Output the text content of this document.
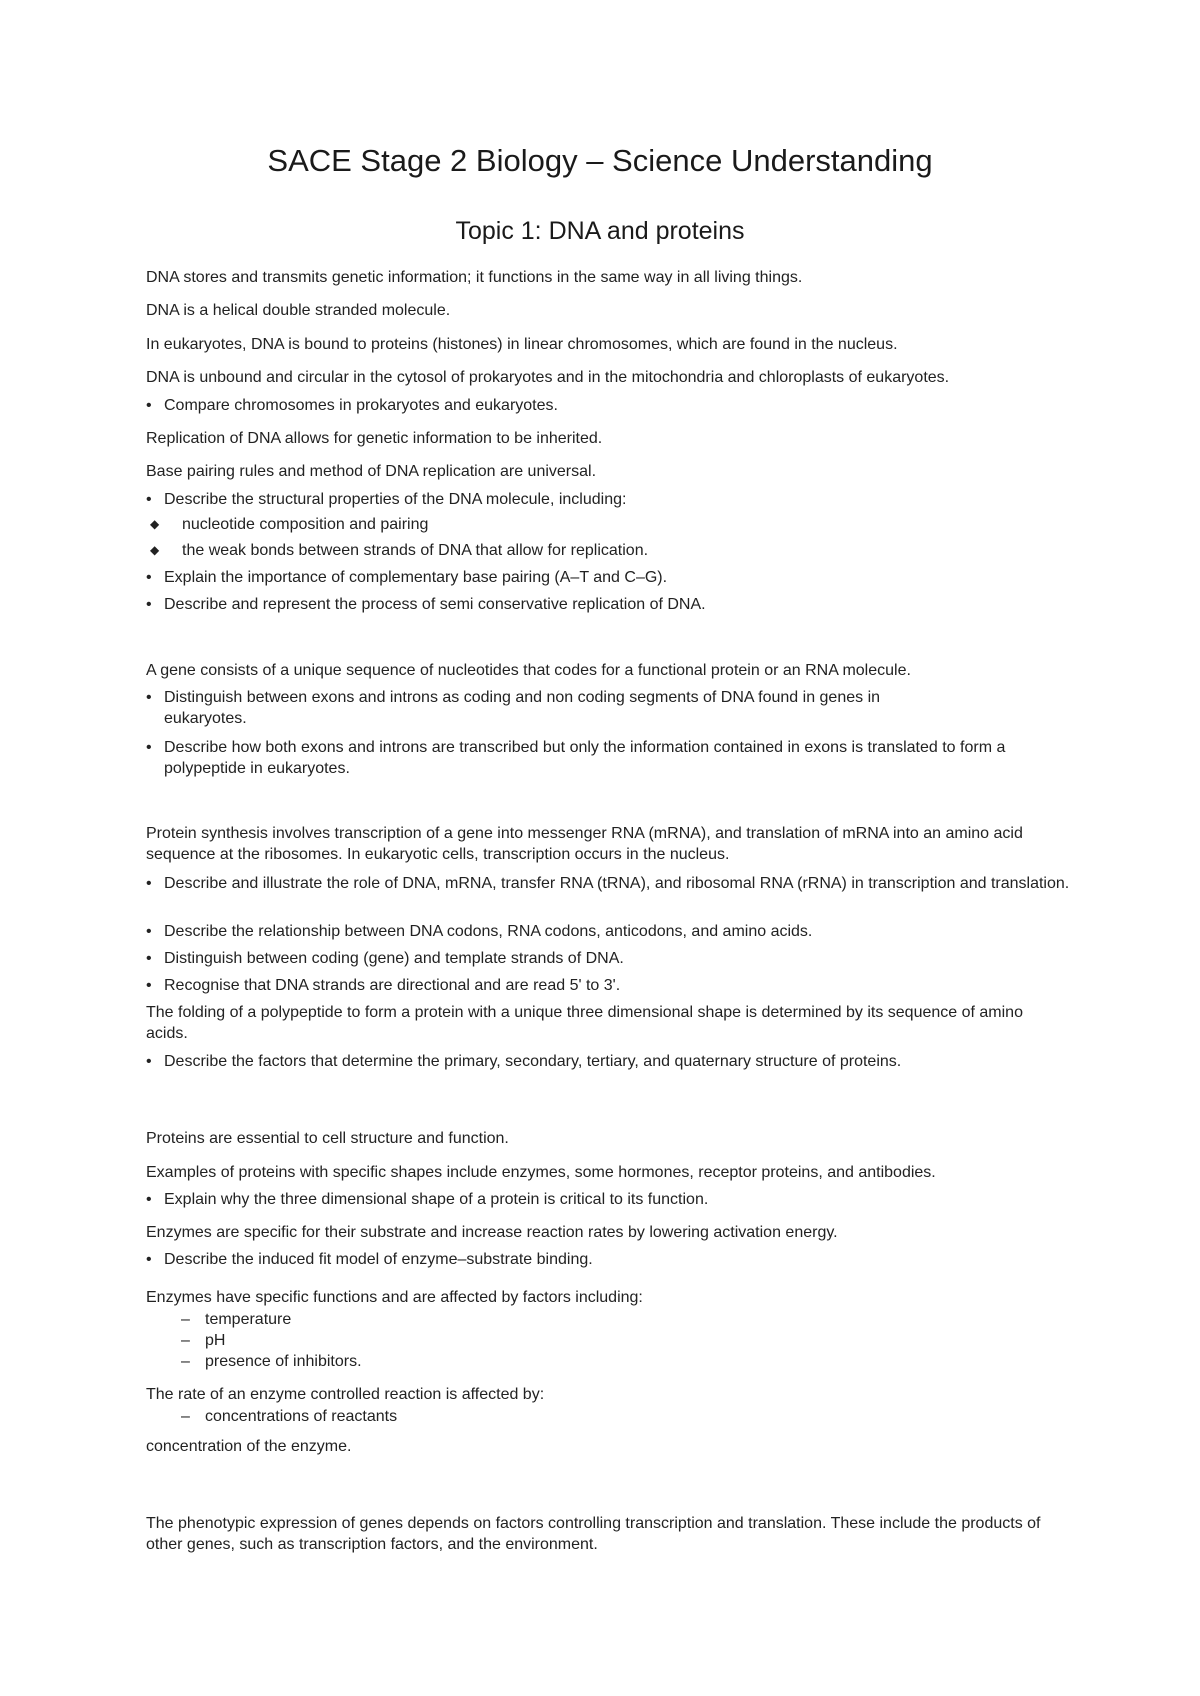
SACE Stage 2 Biology – Science Understanding
Topic 1: DNA and proteins
DNA stores and transmits genetic information; it functions in the same way in all living things.
DNA is a helical double stranded molecule.
In eukaryotes, DNA is bound to proteins (histones) in linear chromosomes, which are found in the nucleus.
DNA is unbound and circular in the cytosol of prokaryotes and in the mitochondria and chloroplasts of eukaryotes.
• Compare chromosomes in prokaryotes and eukaryotes.
Replication of DNA allows for genetic information to be inherited.
Base pairing rules and method of DNA replication are universal.
• Describe the structural properties of the DNA molecule, including:
◆	nucleotide composition and pairing
◆	the weak bonds between strands of DNA that allow for replication.
• Explain the importance of complementary base pairing (A–T and C–G).
• Describe and represent the process of semi conservative replication of DNA.
A gene consists of a unique sequence of nucleotides that codes for a functional protein or an RNA molecule.
• Distinguish between exons and introns as coding and non coding segments of DNA found in genes in eukaryotes.
• Describe how both exons and introns are transcribed but only the information contained in exons is translated to form a polypeptide in eukaryotes.
Protein synthesis involves transcription of a gene into messenger RNA (mRNA), and translation of mRNA into an amino acid sequence at the ribosomes. In eukaryotic cells, transcription occurs in the nucleus.
• Describe and illustrate the role of DNA, mRNA, transfer RNA (tRNA), and ribosomal RNA (rRNA) in transcription and translation.
• Describe the relationship between DNA codons, RNA codons, anticodons, and amino acids.
• Distinguish between coding (gene) and template strands of DNA.
• Recognise that DNA strands are directional and are read 5' to 3'.
The folding of a polypeptide to form a protein with a unique three dimensional shape is determined by its sequence of amino acids.
• Describe the factors that determine the primary, secondary, tertiary, and quaternary structure of proteins.
Proteins are essential to cell structure and function.
Examples of proteins with specific shapes include enzymes, some hormones, receptor proteins, and antibodies.
• Explain why the three dimensional shape of a protein is critical to its function.
Enzymes are specific for their substrate and increase reaction rates by lowering activation energy.
• Describe the induced fit model of enzyme–substrate binding.
Enzymes have specific functions and are affected by factors including:
– temperature
– pH
– presence of inhibitors.
The rate of an enzyme controlled reaction is affected by:
– concentrations of reactants
concentration of the enzyme.
The phenotypic expression of genes depends on factors controlling transcription and translation. These include the products of other genes, such as transcription factors, and the environment.
